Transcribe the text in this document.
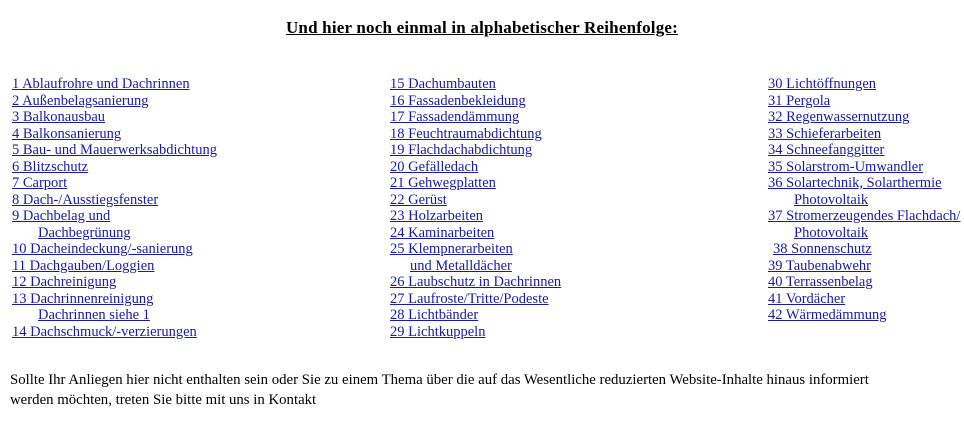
Und hier noch einmal in alphabetischer Reihenfolge:
1 Ablaufrohre und Dachrinnen
2 Außenbelagsanierung
3 Balkonausbau
4 Balkonsanierung
5 Bau- und Mauerwerksabdichtung
6 Blitzschutz
7 Carport
8 Dach-/Ausstiegsfenster
9 Dachbelag und
Dachbegrünung
10 Dacheindeckung/-sanierung
11 Dachgauben/Loggien
12 Dachreinigung
13 Dachrinnenreinigung
Dachrinnen siehe 1
14 Dachschmuck/-verzierungen
15 Dachumbauten
16 Fassadenbekleidung
17 Fassadendämmung
18 Feuchtraumabdichtung
19 Flachdachabdichtung
20 Gefälledach
21 Gehwegplatten
22 Gerüst
23 Holzarbeiten
24 Kaminarbeiten
25 Klempnerarbeiten
und Metalldächer
26 Laubschutz in Dachrinnen
27 Laufroste/Tritte/Podeste
28 Lichtbänder
29 Lichtkuppeln
30 Lichtöffnungen
31 Pergola
32 Regenwassernutzung
33 Schieferarbeiten
34 Schneefanggitter
35 Solarstrom-Umwandler
36 Solartechnik, Solarthermie
Photovoltaik
37 Stromerzeugendes Flachdach/
Photovoltaik
38 Sonnenschutz
39 Taubenabwehr
40 Terrassenbelag
41 Vordächer
42 Wärmedämmung

Sollte Ihr Anliegen hier nicht enthalten sein oder Sie zu einem Thema über die auf das Wesentliche reduzierten Website-Inhalte hinaus informiert

werden möchten, treten Sie bitte mit uns in Kontakt
